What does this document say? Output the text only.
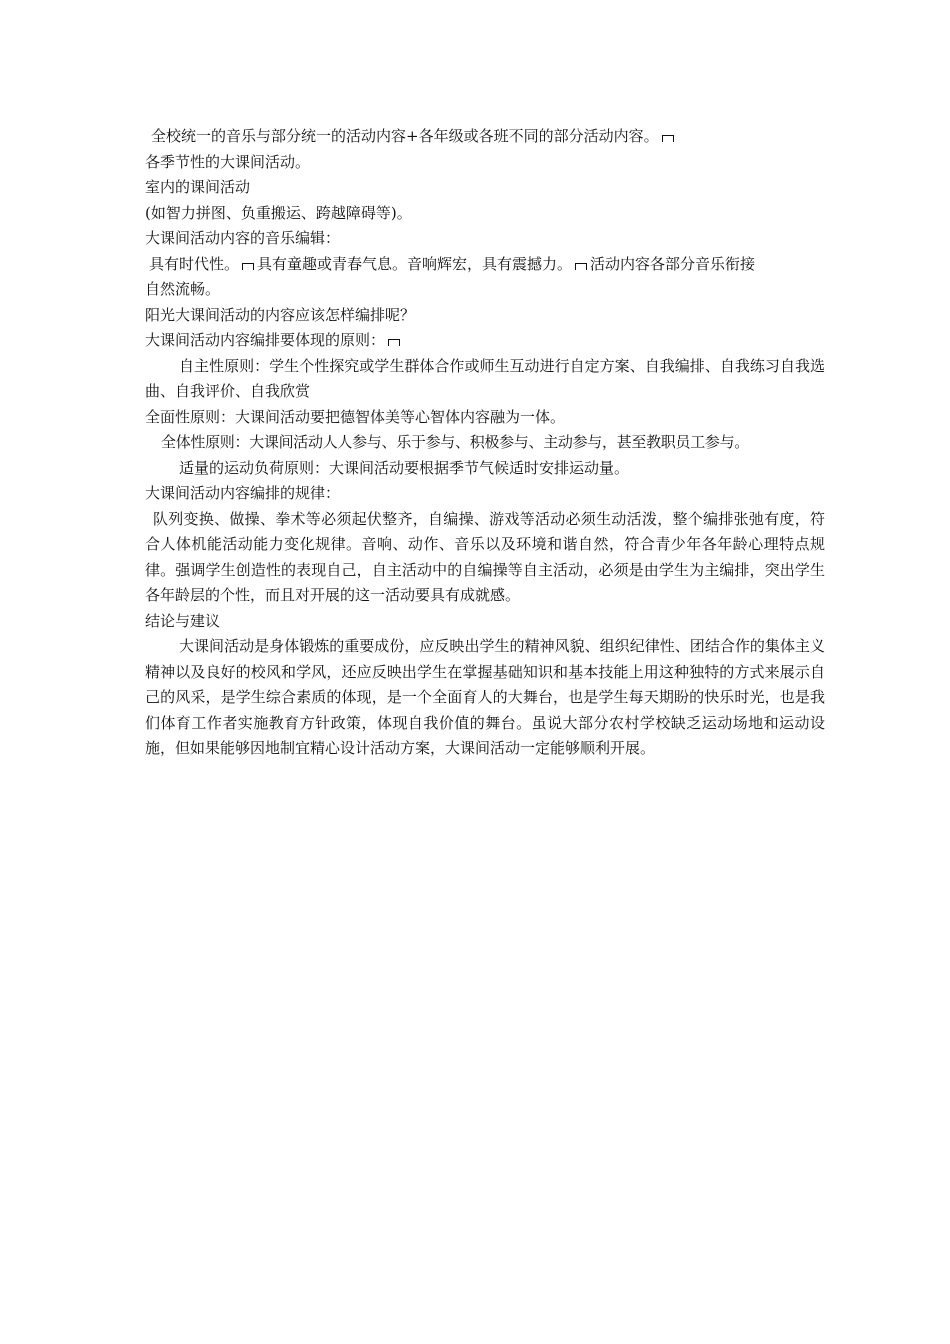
全校统一的音乐与部分统一的活动内容+各年级或各班不同的部分活动内容。
各季节性的大课间活动。
室内的课间活动
(如智力拼图、负重搬运、跨越障碍等)。
大课间活动内容的音乐编辑：
具有时代性。 具有童趣或青春气息。音响辉宏，具有震撼力。 活动内容各部分音乐衔接
自然流畅。
阳光大课间活动的内容应该怎样编排呢？
大课间活动内容编排要体现的原则：
自主性原则：学生个性探究或学生群体合作或师生互动进行自定方案、自我编排、自我练习自我选曲、自我评价、自我欣赏
全面性原则：大课间活动要把德智体美等心智体内容融为一体。
全体性原则：大课间活动人人参与、乐于参与、积极参与、主动参与，甚至教职员工参与。
适量的运动负荷原则：大课间活动要根据季节气候适时安排运动量。
大课间活动内容编排的规律：
队列变换、做操、拳术等必须起伏整齐，自编操、游戏等活动必须生动活泼，整个编排张弛有度，符合人体机能活动能力变化规律。音响、动作、音乐以及环境和谐自然，符合青少年各年龄心理特点规律。强调学生创造性的表现自己，自主活动中的自编操等自主活动，必须是由学生为主编排，突出学生各年龄层的个性，而且对开展的这一活动要具有成就感。
结论与建议
大课间活动是身体锻炼的重要成份，应反映出学生的精神风貌、组织纪律性、团结合作的集体主义精神以及良好的校风和学风，还应反映出学生在掌握基础知识和基本技能上用这种独特的方式来展示自己的风采，是学生综合素质的体现，是一个全面育人的大舞台，也是学生每天期盼的快乐时光，也是我们体育工作者实施教育方针政策，体现自我价值的舞台。虽说大部分农村学校缺乏运动场地和运动设施，但如果能够因地制宜精心设计活动方案，大课间活动一定能够顺利开展。
